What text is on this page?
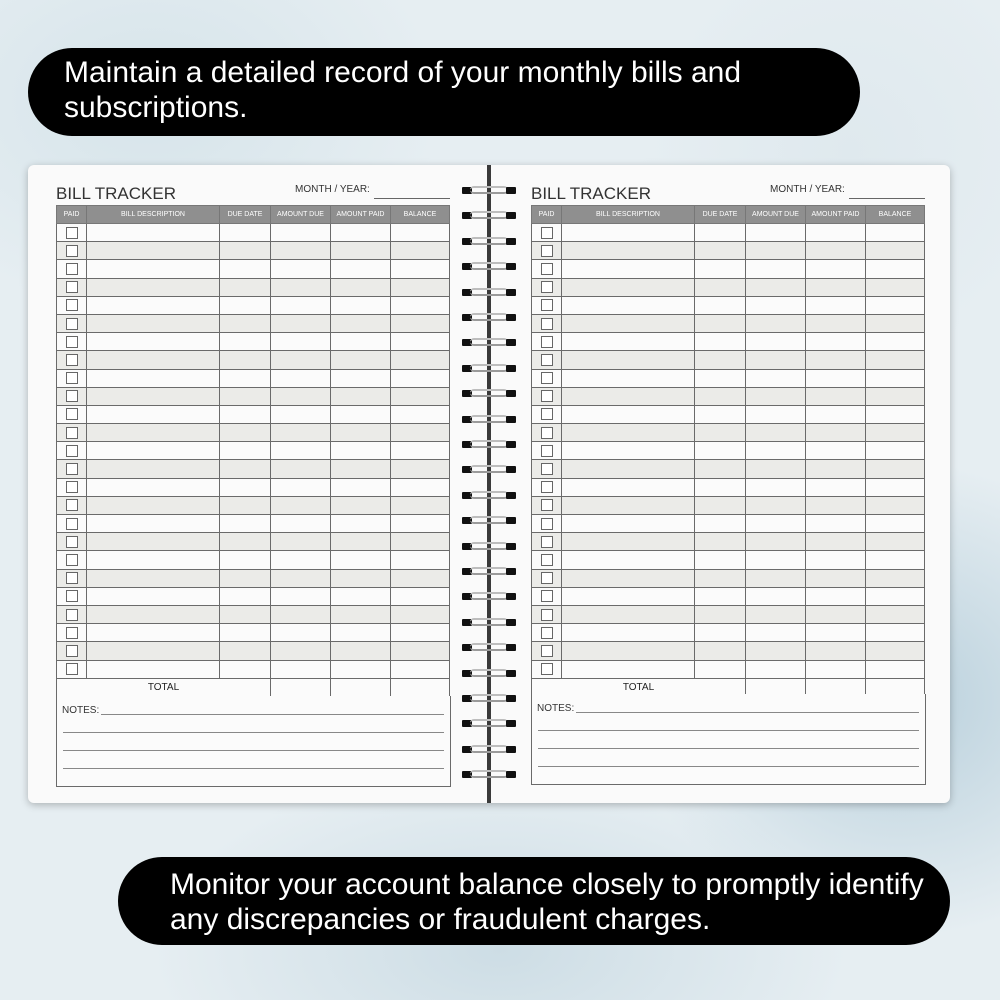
Maintain a detailed record of your monthly bills and subscriptions.
BILL TRACKER	MONTH / YEAR:
PAID	BILL DESCRIPTION	DUE DATE	AMOUNT DUE	AMOUNT PAID	BALANCE

TOTAL					
NOTES:
BILL TRACKER	MONTH / YEAR:
PAID	BILL DESCRIPTION	DUE DATE	AMOUNT DUE	AMOUNT PAID	BALANCE

TOTAL					
NOTES:
Monitor your account balance closely to promptly identify any discrepancies or fraudulent charges.
